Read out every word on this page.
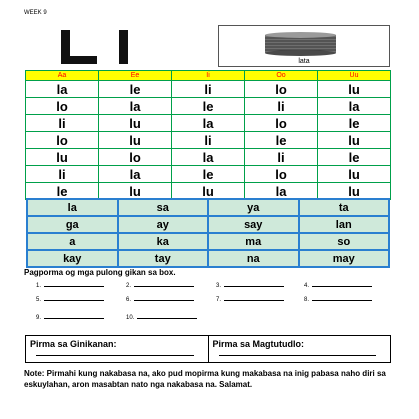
WEEK 9
lata
Aa	Ee	Ii	Oo	Uu
la	le	li	lo	lu
lo	la	le	li	la
li	lu	la	lo	le
lo	lu	li	le	lu
lu	lo	la	li	le
li	la	le	lo	lu
le	lu	lu	la	lu
la	sa	ya	ta
ga	ay	say	lan
a	ka	ma	so
kay	tay	na	may
Pagporma og mga pulong gikan sa box.
1.	2.	3.	4.
5.	6.	7.	8.
9.	10.
Pirma sa Ginikanan:	Pirma sa Magtutudlo:
Note: Pirmahi kung nakabasa na, ako pud mopirma kung makabasa na inig pabasa naho diri sa eskuylahan, aron masabtan nato nga nakabasa na. Salamat.
